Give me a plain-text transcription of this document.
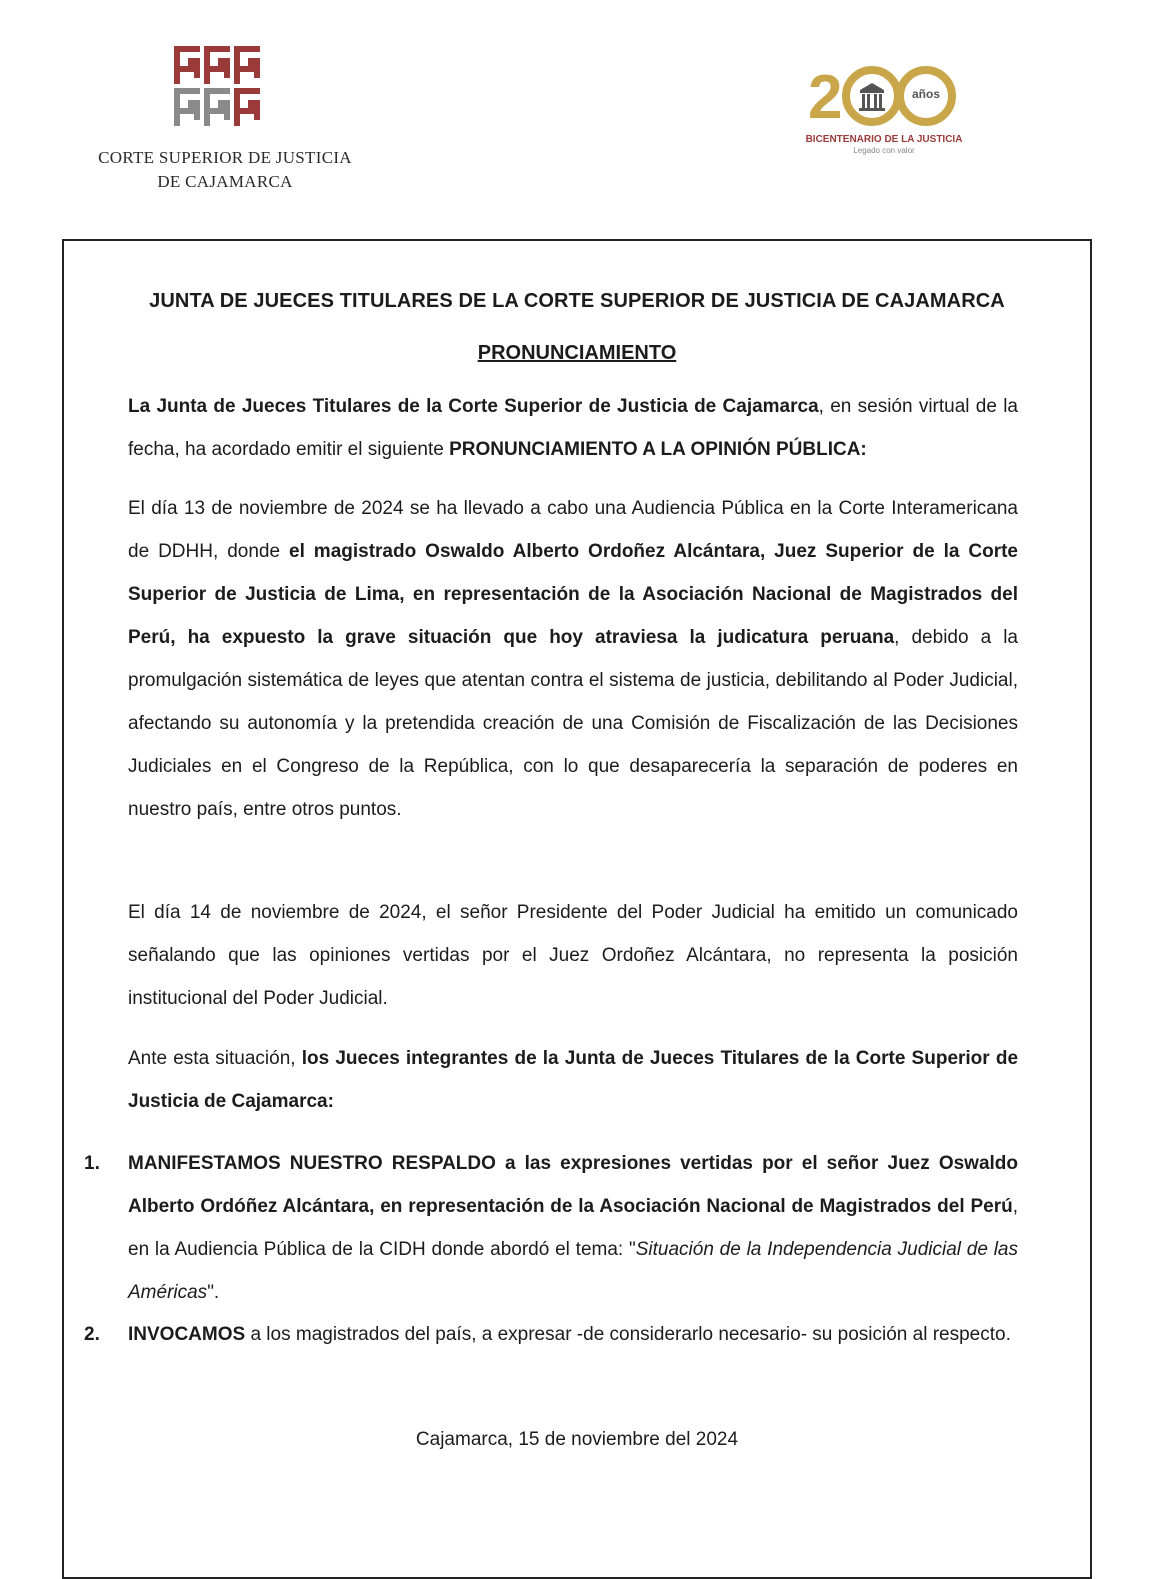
CORTE SUPERIOR DE JUSTICIA
DE CAJAMARCA
2	años
BICENTENARIO DE LA JUSTICIA
Legado con valor
JUNTA DE JUECES TITULARES DE LA CORTE SUPERIOR DE JUSTICIA DE CAJAMARCA
PRONUNCIAMIENTO
La Junta de Jueces Titulares de la Corte Superior de Justicia de Cajamarca, en sesión virtual de la fecha, ha acordado emitir el siguiente PRONUNCIAMIENTO A LA OPINIÓN PÚBLICA:
El día 13 de noviembre de 2024 se ha llevado a cabo una Audiencia Pública en la Corte Interamericana de DDHH, donde el magistrado Oswaldo Alberto Ordoñez Alcántara, Juez Superior de la Corte Superior de Justicia de Lima, en representación de la Asociación Nacional de Magistrados del Perú, ha expuesto la grave situación que hoy atraviesa la judicatura peruana, debido a la promulgación sistemática de leyes que atentan contra el sistema de justicia, debilitando al Poder Judicial, afectando su autonomía y la pretendida creación de una Comisión de Fiscalización de las Decisiones Judiciales en el Congreso de la República, con lo que desaparecería la separación de poderes en nuestro país, entre otros puntos.
El día 14 de noviembre de 2024, el señor Presidente del Poder Judicial ha emitido un comunicado señalando que las opiniones vertidas por el Juez Ordoñez Alcántara, no representa la posición institucional del Poder Judicial.
Ante esta situación, los Jueces integrantes de la Junta de Jueces Titulares de la Corte Superior de Justicia de Cajamarca:
1. MANIFESTAMOS NUESTRO RESPALDO a las expresiones vertidas por el señor Juez Oswaldo Alberto Ordóñez Alcántara, en representación de la Asociación Nacional de Magistrados del Perú, en la Audiencia Pública de la CIDH donde abordó el tema: "Situación de la Independencia Judicial de las Américas".
2. INVOCAMOS a los magistrados del país, a expresar -de considerarlo necesario- su posición al respecto.
Cajamarca, 15 de noviembre del 2024
